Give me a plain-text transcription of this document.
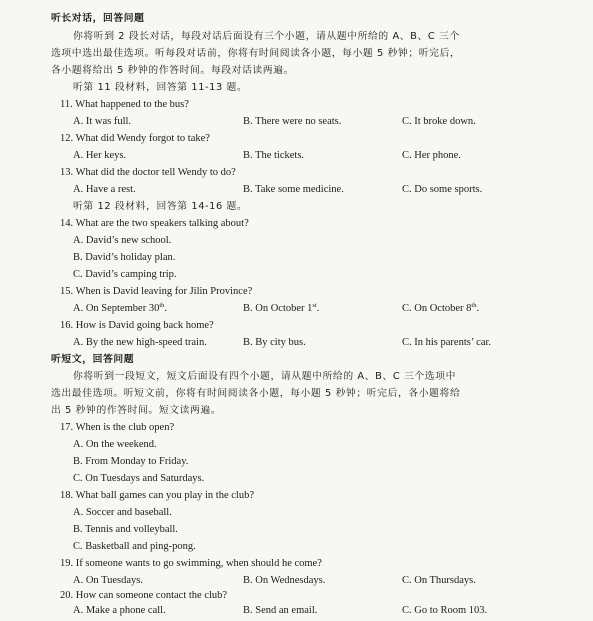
听长对话，回答问题
你将听到 2 段长对话，每段对话后面设有三个小题，请从题中所给的 A、B、C 三个
选项中选出最佳选项。听每段对话前，你将有时间阅读各小题，每小题 5 秒钟；听完后，
各小题将给出 5 秒钟的作答时间。每段对话读两遍。
听第 11 段材料，回答第 11-13 题。
11. What happened to the bus?
A. It was full.	B. There were no seats.	C. It broke down.
12. What did Wendy forgot to take?
A. Her keys.	B. The tickets.	C. Her phone.
13. What did the doctor tell Wendy to do?
A. Have a rest.	B. Take some medicine.	C. Do some sports.
听第 12 段材料，回答第 14-16 题。
14. What are the two speakers talking about?
A. David’s new school.
B. David’s holiday plan.
C. David’s camping trip.
15. When is David leaving for Jilin Province?
A. On September 30th.	B. On October 1st.	C. On October 8th.
16. How is David going back home?
A. By the new high-speed train.	B. By city bus.	C. In his parents’ car.
听短文，回答问题
你将听到一段短文，短文后面设有四个小题，请从题中所给的 A、B、C 三个选项中
选出最佳选项。听短文前，你将有时间阅读各小题，每小题 5 秒钟；听完后，各小题将给
出 5 秒钟的作答时间。短文读两遍。
17. When is the club open?
A. On the weekend.
B. From Monday to Friday.
C. On Tuesdays and Saturdays.
18. What ball games can you play in the club?
A. Soccer and baseball.
B. Tennis and volleyball.
C. Basketball and ping-pong.
19. If someone wants to go swimming, when should he come?
A. On Tuesdays.	B. On Wednesdays.	C. On Thursdays.
20. How can someone contact the club?
A. Make a phone call.	B. Send an email.	C. Go to Room 103.
